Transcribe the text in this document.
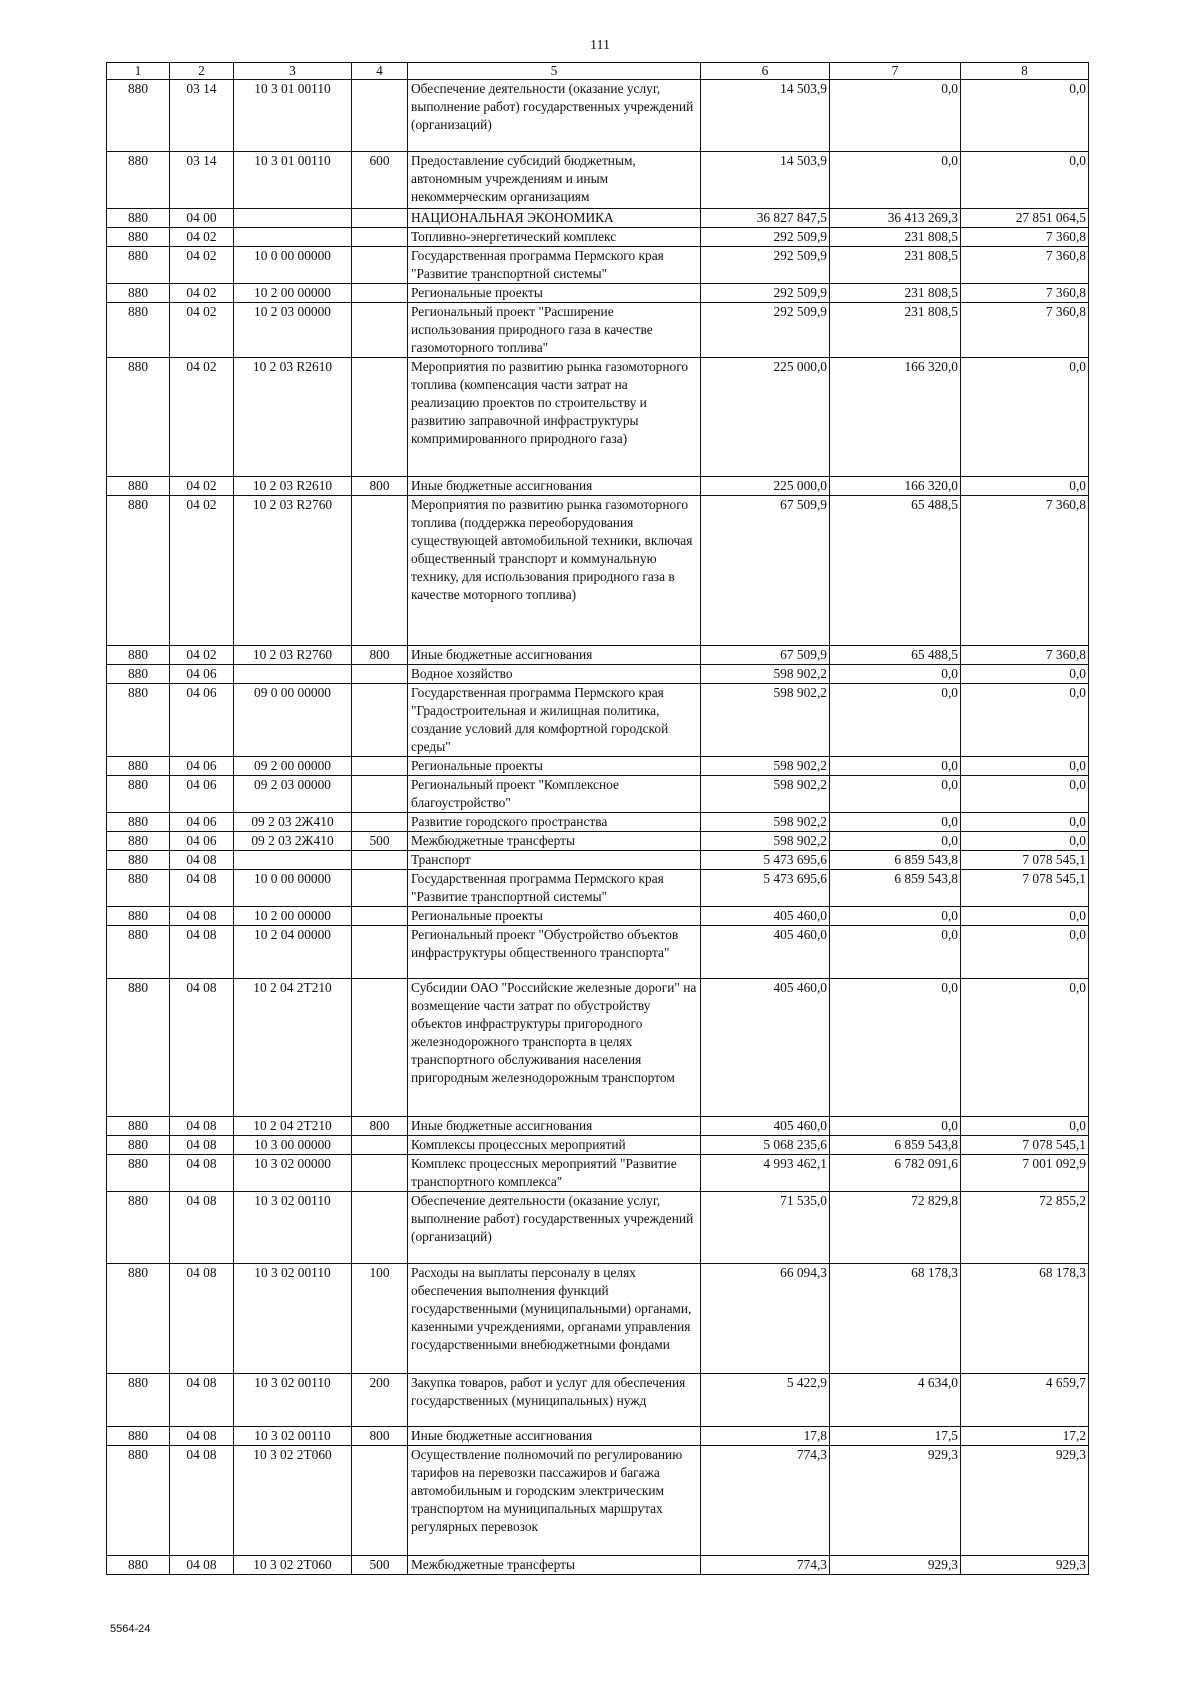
111
1	2	3	4	5	6	7	8
880	03 14	10 3 01 00110		Обеспечение деятельности (оказание услуг, выполнение работ) государственных учреждений (организаций)	14 503,9	0,0	0,0
880	03 14	10 3 01 00110	600	Предоставление субсидий бюджетным, автономным учреждениям и иным некоммерческим организациям	14 503,9	0,0	0,0
880	04 00			НАЦИОНАЛЬНАЯ ЭКОНОМИКА	36 827 847,5	36 413 269,3	27 851 064,5
880	04 02			Топливно-энергетический комплекс	292 509,9	231 808,5	7 360,8
880	04 02	10 0 00 00000		Государственная программа Пермского края "Развитие транспортной системы"	292 509,9	231 808,5	7 360,8
880	04 02	10 2 00 00000		Региональные проекты	292 509,9	231 808,5	7 360,8
880	04 02	10 2 03 00000		Региональный проект "Расширение использования природного газа в качестве газомоторного топлива"	292 509,9	231 808,5	7 360,8
880	04 02	10 2 03 R2610		Мероприятия по развитию рынка газомоторного топлива (компенсация части затрат на реализацию проектов по строительству и развитию заправочной инфраструктуры компримированного природного газа)	225 000,0	166 320,0	0,0
880	04 02	10 2 03 R2610	800	Иные бюджетные ассигнования	225 000,0	166 320,0	0,0
880	04 02	10 2 03 R2760		Мероприятия по развитию рынка газомоторного топлива (поддержка переоборудования существующей автомобильной техники, включая общественный транспорт и коммунальную технику, для использования природного газа в качестве моторного топлива)	67 509,9	65 488,5	7 360,8
880	04 02	10 2 03 R2760	800	Иные бюджетные ассигнования	67 509,9	65 488,5	7 360,8
880	04 06			Водное хозяйство	598 902,2	0,0	0,0
880	04 06	09 0 00 00000		Государственная программа Пермского края "Градостроительная и жилищная политика, создание условий для комфортной городской среды"	598 902,2	0,0	0,0
880	04 06	09 2 00 00000		Региональные проекты	598 902,2	0,0	0,0
880	04 06	09 2 03 00000		Региональный проект "Комплексное благоустройство"	598 902,2	0,0	0,0
880	04 06	09 2 03 2Ж410		Развитие городского пространства	598 902,2	0,0	0,0
880	04 06	09 2 03 2Ж410	500	Межбюджетные трансферты	598 902,2	0,0	0,0
880	04 08			Транспорт	5 473 695,6	6 859 543,8	7 078 545,1
880	04 08	10 0 00 00000		Государственная программа Пермского края "Развитие транспортной системы"	5 473 695,6	6 859 543,8	7 078 545,1
880	04 08	10 2 00 00000		Региональные проекты	405 460,0	0,0	0,0
880	04 08	10 2 04 00000		Региональный проект "Обустройство объектов инфраструктуры общественного транспорта"	405 460,0	0,0	0,0
880	04 08	10 2 04 2T210		Субсидии ОАО "Российские железные дороги" на возмещение части затрат по обустройству объектов инфраструктуры пригородного железнодорожного транспорта в целях транспортного обслуживания населения пригородным железнодорожным транспортом	405 460,0	0,0	0,0
880	04 08	10 2 04 2T210	800	Иные бюджетные ассигнования	405 460,0	0,0	0,0
880	04 08	10 3 00 00000		Комплексы процессных мероприятий	5 068 235,6	6 859 543,8	7 078 545,1
880	04 08	10 3 02 00000		Комплекс процессных мероприятий "Развитие транспортного комплекса"	4 993 462,1	6 782 091,6	7 001 092,9
880	04 08	10 3 02 00110		Обеспечение деятельности (оказание услуг, выполнение работ) государственных учреждений (организаций)	71 535,0	72 829,8	72 855,2
880	04 08	10 3 02 00110	100	Расходы на выплаты персоналу в целях обеспечения выполнения функций государственными (муниципальными) органами, казенными учреждениями, органами управления государственными внебюджетными фондами	66 094,3	68 178,3	68 178,3
880	04 08	10 3 02 00110	200	Закупка товаров, работ и услуг для обеспечения государственных (муниципальных) нужд	5 422,9	4 634,0	4 659,7
880	04 08	10 3 02 00110	800	Иные бюджетные ассигнования	17,8	17,5	17,2
880	04 08	10 3 02 2T060		Осуществление полномочий по регулированию тарифов на перевозки пассажиров и багажа автомобильным и городским электрическим транспортом на муниципальных маршрутах регулярных перевозок	774,3	929,3	929,3
880	04 08	10 3 02 2T060	500	Межбюджетные трансферты	774,3	929,3	929,3
5564-24
